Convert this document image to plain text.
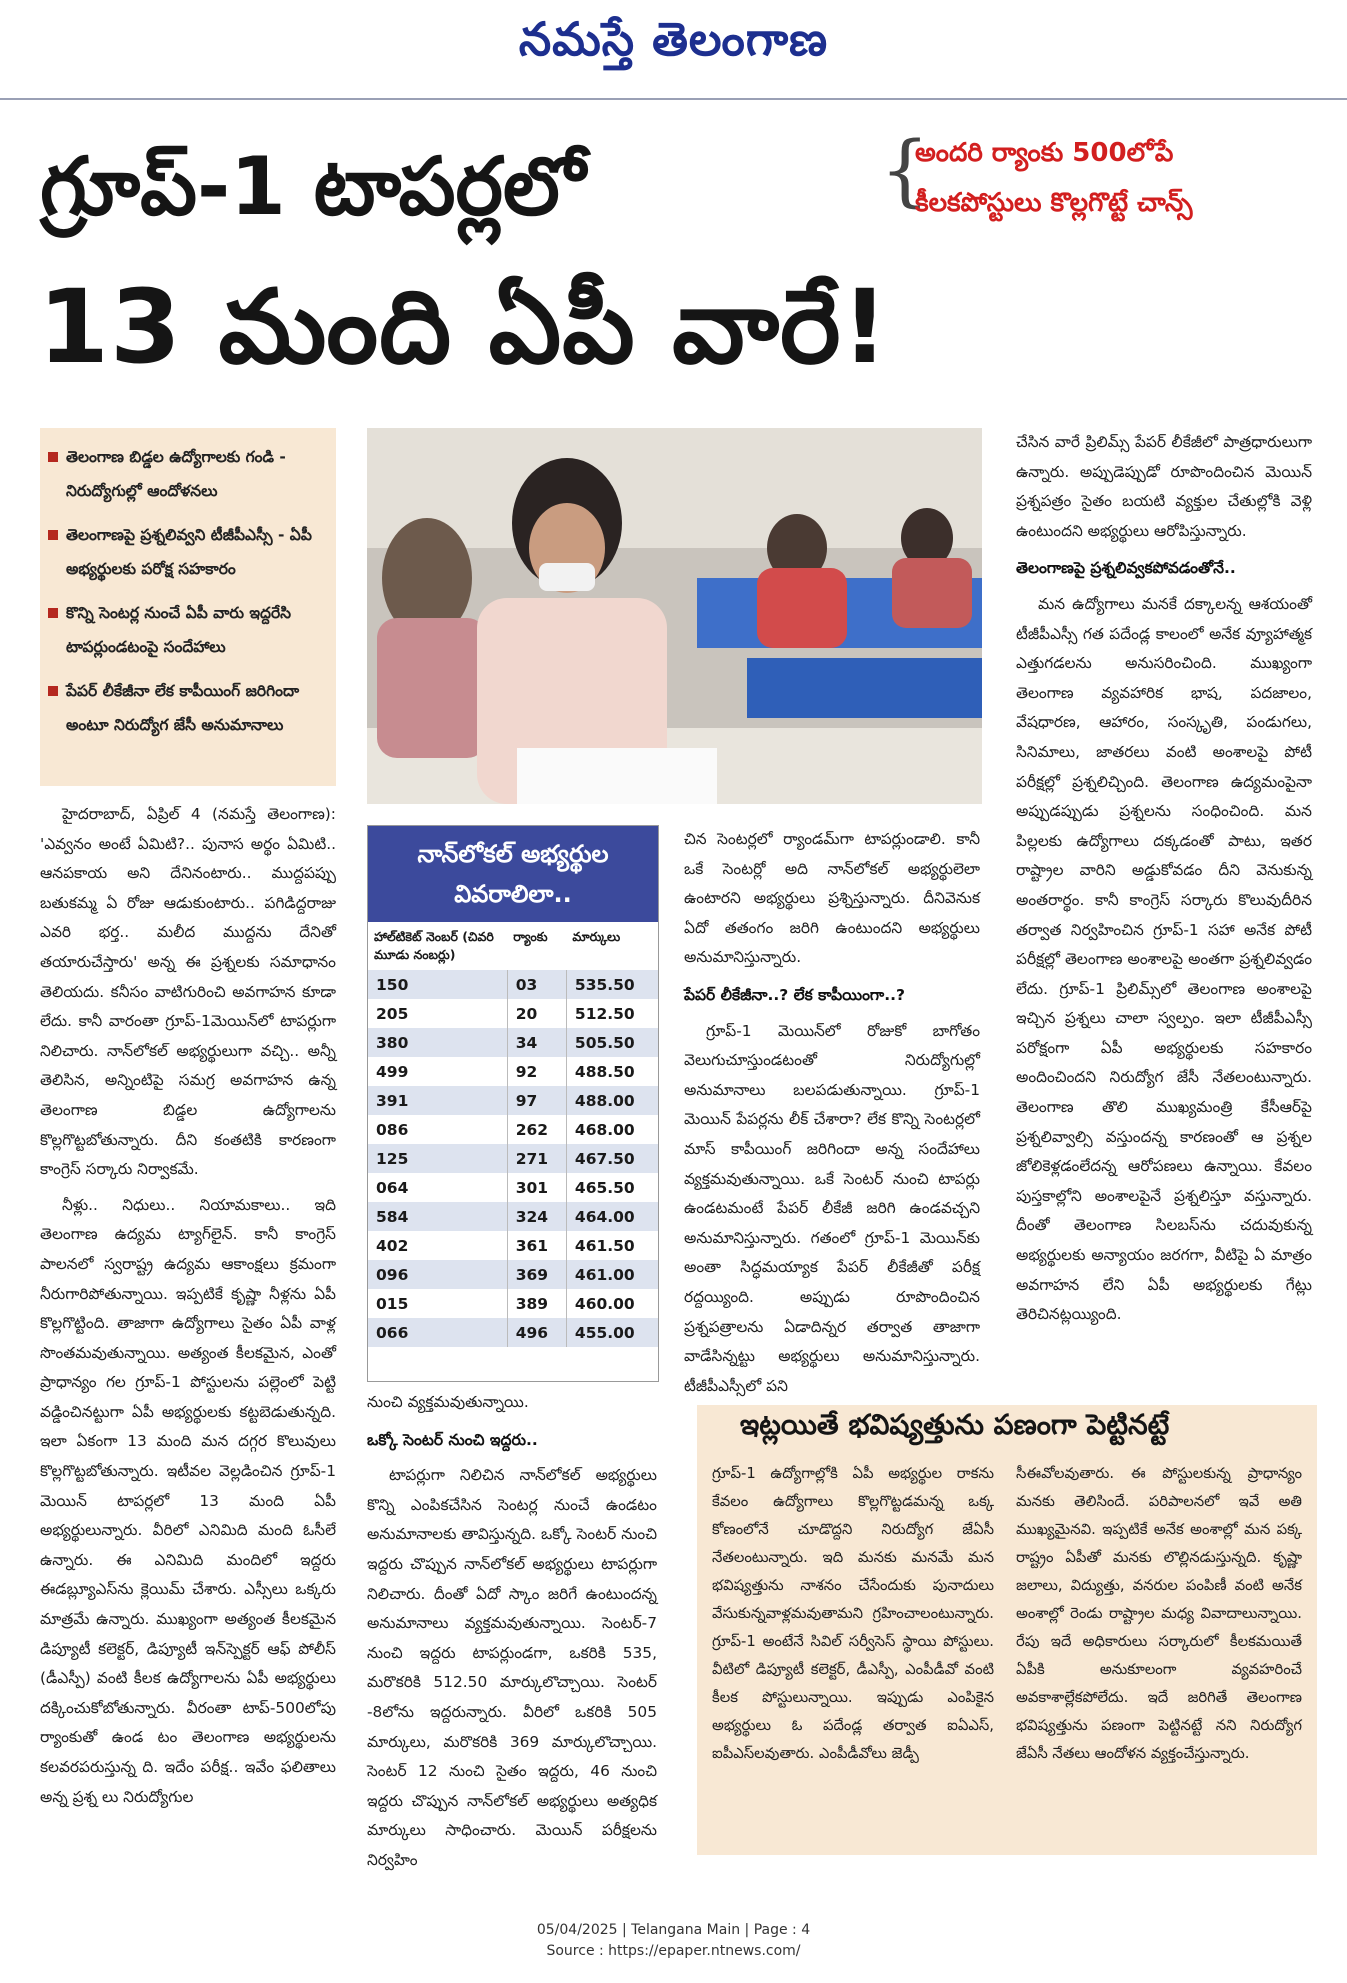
నమస్తే తెలంగాణ
గ్రూప్-1 టాపర్లలో
13 మంది ఏపీ వారే!
{
అందరి ర్యాంకు 500లోపే
కీలకపోస్టులు కొల్లగొట్టే చాన్స్
తెలంగాణ బిడ్డల ఉద్యోగాలకు గండి - నిరుద్యోగుల్లో ఆందోళనలు
తెలంగాణపై ప్రశ్నలివ్వని టీజీపీఎస్సీ - ఏపీ అభ్యర్థులకు పరోక్ష సహకారం
కొన్ని సెంటర్ల నుంచే ఏపీ వారు ఇద్దరేసి టాపర్లుండటంపై సందేహాలు
పేపర్ లీకేజీనా లేక కాపీయింగ్ జరిగిందా అంటూ నిరుద్యోగ జేసీ అనుమానాలు

హైదరాబాద్, ఏప్రిల్ 4 (నమస్తే తెలంగాణ): 'ఎవ్వనం అంటే ఏమిటి?.. పునాస అర్థం ఏమిటి.. ఆనపకాయ అని దేనినంటారు.. ముద్దపప్పు బతుకమ్మ ఏ రోజు ఆడుకుంటారు.. పగిడిద్దరాజు ఎవరి భర్త.. మలీద ముద్దను దేనితో తయారుచేస్తారు' అన్న ఈ ప్రశ్నలకు సమాధానం తెలియదు. కనీసం వాటిగురించి అవగాహన కూడా లేదు. కానీ వారంతా గ్రూప్-1మెయిన్‌లో టాపర్లుగా నిలిచారు. నాన్‌లోకల్ అభ్యర్థులుగా వచ్చి.. అన్నీ తెలిసిన, అన్నింటిపై సమగ్ర అవగాహన ఉన్న తెలంగాణ బిడ్డల ఉద్యోగాలను కొల్లగొట్టబోతున్నారు. దీని కంతటికి కారణంగా కాంగ్రెస్ సర్కారు నిర్వాకమే.

నీళ్లు.. నిధులు.. నియామకాలు.. ఇది తెలంగాణ ఉద్యమ ట్యాగ్‌లైన్. కానీ కాంగ్రెస్ పాలనలో స్వరాష్ట్ర ఉద్యమ ఆకాంక్షలు క్రమంగా నీరుగారిపోతున్నాయి. ఇప్పటికే కృష్ణా నీళ్లను ఏపీ కొల్లగొట్టింది. తాజాగా ఉద్యోగాలు సైతం ఏపీ వాళ్ల సొంతమవుతున్నాయి. అత్యంత కీలకమైన, ఎంతో ప్రాధాన్యం గల గ్రూప్-1 పోస్టులను పల్లెంలో పెట్టి వడ్డించినట్టుగా ఏపీ అభ్యర్థులకు కట్టబెడుతున్నది. ఇలా ఏకంగా 13 మంది మన దగ్గర కొలువులు కొల్లగొట్టబోతున్నారు. ఇటీవల వెల్లడించిన గ్రూప్-1 మెయిన్ టాపర్లలో 13 మంది ఏపీ అభ్యర్థులున్నారు. వీరిలో ఎనిమిది మంది ఓసీలే ఉన్నారు. ఈ ఎనిమిది మందిలో ఇద్దరు ఈడబ్ల్యూఎస్‌ను క్లెయిమ్ చేశారు. ఎస్సీలు ఒక్కరు మాత్రమే ఉన్నారు. ముఖ్యంగా అత్యంత కీలకమైన డిప్యూటీ కలెక్టర్, డిప్యూటీ ఇన్‌స్పెక్టర్ ఆఫ్ పోలీస్ (డీఎస్పీ) వంటి కీలక ఉద్యోగాలను ఏపీ అభ్యర్థులు దక్కించుకోబోతున్నారు. వీరంతా టాప్-500లోపు ర్యాంకుతో ఉండ టం తెలంగాణ అభ్యర్థులను కలవరపరుస్తున్న ది. ఇదేం పరీక్ష.. ఇవేం ఫలితాలు అన్న ప్రశ్న లు నిరుద్యోగుల

నాన్‌లోకల్ అభ్యర్థుల
వివరాలిలా..
హాల్‌టికెట్ నెంబర్ (చివరి మూడు నంబర్లు)	ర్యాంకు	మార్కులు
150	03	535.50
205	20	512.50
380	34	505.50
499	92	488.50
391	97	488.00
086	262	468.00
125	271	467.50
064	301	465.50
584	324	464.00
402	361	461.50
096	369	461.00
015	389	460.00
066	496	455.00
నుంచి వ్యక్తమవుతున్నాయి.
ఒక్కో సెంటర్ నుంచి ఇద్దరు..

టాపర్లుగా నిలిచిన నాన్‌లోకల్ అభ్యర్థులు కొన్ని ఎంపికచేసిన సెంటర్ల నుంచే ఉండటం అనుమానాలకు తావిస్తున్నది. ఒక్కో సెంటర్ నుంచి ఇద్దరు చొప్పున నాన్‌లోకల్ అభ్యర్థులు టాపర్లుగా నిలిచారు. దీంతో ఏదో స్కాం జరిగే ఉంటుందన్న అనుమానాలు వ్యక్తమవుతున్నాయి. సెంటర్-7 నుంచి ఇద్దరు టాపర్లుండగా, ఒకరికి 535, మరొకరికి 512.50 మార్కులొచ్చాయి. సెంటర్ -8లోను ఇద్దరున్నారు. వీరిలో ఒకరికి 505 మార్కులు, మరొకరికి 369 మార్కులొచ్చాయి. సెంటర్ 12 నుంచి సైతం ఇద్దరు, 46 నుంచి ఇద్దరు చొప్పున నాన్‌లోకల్ అభ్యర్థులు అత్యధిక మార్కులు సాధించారు. మెయిన్ పరీక్షలను నిర్వహిం

చిన సెంటర్లలో ర్యాండమ్‌గా టాపర్లుండాలి. కానీ ఒకే సెంటర్లో అది నాన్‌లోకల్ అభ్యర్థులెలా ఉంటారని అభ్యర్థులు ప్రశ్నిస్తున్నారు. దీనివెనుక ఏదో తతంగం జరిగి ఉంటుందని అభ్యర్థులు అనుమానిస్తున్నారు.
పేపర్ లీకేజీనా..? లేక కాపీయింగా..?

గ్రూప్-1 మెయిన్‌లో రోజుకో బాగోతం వెలుగుచూస్తుండటంతో నిరుద్యోగుల్లో అనుమానాలు బలపడుతున్నాయి. గ్రూప్-1 మెయిన్ పేపర్లను లీక్ చేశారా? లేక కొన్ని సెంటర్లలో మాస్ కాపీయింగ్ జరిగిందా అన్న సందేహాలు వ్యక్తమవుతున్నాయి. ఒకే సెంటర్ నుంచి టాపర్లు ఉండటమంటే పేపర్ లీకేజీ జరిగి ఉండవచ్చని అనుమానిస్తున్నారు. గతంలో గ్రూప్-1 మెయిన్‌కు అంతా సిద్ధమయ్యాక పేపర్ లీకేజీతో పరీక్ష రద్దయ్యింది. అప్పుడు రూపొందించిన ప్రశ్నపత్రాలను ఏడాదిన్నర తర్వాత తాజాగా వాడేసిన్నట్టు అభ్యర్థులు అనుమానిస్తున్నారు. టీజీపీఎస్సీలో పని

చేసిన వారే ప్రిలిమ్స్ పేపర్ లీకేజీలో పాత్రధారులుగా ఉన్నారు. అప్పుడెప్పుడో రూపొందించిన మెయిన్ ప్రశ్నపత్రం సైతం బయటి వ్యక్తుల చేతుల్లోకి వెళ్లి ఉంటుందని అభ్యర్థులు ఆరోపిస్తున్నారు.
తెలంగాణపై ప్రశ్నలివ్వకపోవడంతోనే..

మన ఉద్యోగాలు మనకే దక్కాలన్న ఆశయంతో టీజీపీఎస్సీ గత పదేండ్ల కాలంలో అనేక వ్యూహాత్మక ఎత్తుగడలను అనుసరించింది. ముఖ్యంగా తెలంగాణ వ్యవహారిక భాష, పదజాలం, వేషధారణ, ఆహారం, సంస్కృతి, పండుగలు, సినిమాలు, జాతరలు వంటి అంశాలపై పోటీ పరీక్షల్లో ప్రశ్నలిచ్చింది. తెలంగాణ ఉద్యమంపైనా అప్పుడప్పుడు ప్రశ్నలను సంధించింది. మన పిల్లలకు ఉద్యోగాలు దక్కడంతో పాటు, ఇతర రాష్ట్రాల వారిని అడ్డుకోవడం దీని వెనుకున్న అంతరార్థం. కానీ కాంగ్రెస్ సర్కారు కొలువుదీరిన తర్వాత నిర్వహించిన గ్రూప్-1 సహా అనేక పోటీ పరీక్షల్లో తెలంగాణ అంశాలపై అంతగా ప్రశ్నలివ్వడం లేదు. గ్రూప్-1 ప్రిలిమ్స్‌లో తెలంగాణ అంశాలపై ఇచ్చిన ప్రశ్నలు చాలా స్వల్పం. ఇలా టీజీపీఎస్సీ పరోక్షంగా ఏపీ అభ్యర్థులకు సహకారం అందించిందని నిరుద్యోగ జేసీ నేతలంటున్నారు. తెలంగాణ తొలి ముఖ్యమంత్రి కేసీఆర్‌పై ప్రశ్నలివ్వాల్సి వస్తుందన్న కారణంతో ఆ ప్రశ్నల జోలికెళ్లడంలేదన్న ఆరోపణలు ఉన్నాయి. కేవలం పుస్తకాల్లోని అంశాలపైనే ప్రశ్నలిస్తూ వస్తున్నారు. దీంతో తెలంగాణ సిలబస్‌ను చదువుకున్న అభ్యర్థులకు అన్యాయం జరగగా, వీటిపై ఏ మాత్రం అవగాహన లేని ఏపీ అభ్యర్థులకు గేట్లు తెరిచినట్లయ్యింది.

ఇట్లయితే భవిష్యత్తును పణంగా పెట్టినట్టే
గ్రూప్-1 ఉద్యోగాల్లోకి ఏపీ అభ్యర్థుల రాకను కేవలం ఉద్యోగాలు కొల్లగొట్టడమన్న ఒక్క కోణంలోనే చూడొద్దని నిరుద్యోగ జేఏసీ నేతలంటున్నారు. ఇది మనకు మనమే మన భవిష్యత్తును నాశనం చేసేందుకు పునాదులు వేసుకున్నవాళ్లమవుతామని గ్రహించాలంటున్నారు. గ్రూప్-1 అంటేనే సివిల్ సర్వీసెస్ స్థాయి పోస్టులు. వీటిలో డిప్యూటీ కలెక్టర్, డీఎస్పీ, ఎంపీడీవో వంటి కీలక పోస్టులున్నాయి. ఇప్పుడు ఎంపికైన అభ్యర్థులు ఓ పదేండ్ల తర్వాత ఐఏఎస్, ఐపీఎస్‌లవుతారు. ఎంపీడీవోలు జెడ్పీ
సీఈవోలవుతారు. ఈ పోస్టులకున్న ప్రాధాన్యం మనకు తెలిసిందే. పరిపాలనలో ఇవే అతి ముఖ్యమైనవి. ఇప్పటికే అనేక అంశాల్లో మన పక్క రాష్ట్రం ఏపీతో మనకు లొల్లినడుస్తున్నది. కృష్ణా జలాలు, విద్యుత్తు, వనరుల పంపిణీ వంటి అనేక అంశాల్లో రెండు రాష్ట్రాల మధ్య వివాదాలున్నాయి. రేపు ఇదే అధికారులు సర్కారులో కీలకమయితే ఏపీకి అనుకూలంగా వ్యవహరించే అవకాశాల్లేకపోలేదు. ఇదే జరిగితే తెలంగాణ భవిష్యత్తును పణంగా పెట్టినట్టే నని నిరుద్యోగ జేఏసీ నేతలు ఆందోళన వ్యక్తంచేస్తున్నారు.
05/04/2025 | Telangana Main | Page : 4
Source : https://epaper.ntnews.com/
